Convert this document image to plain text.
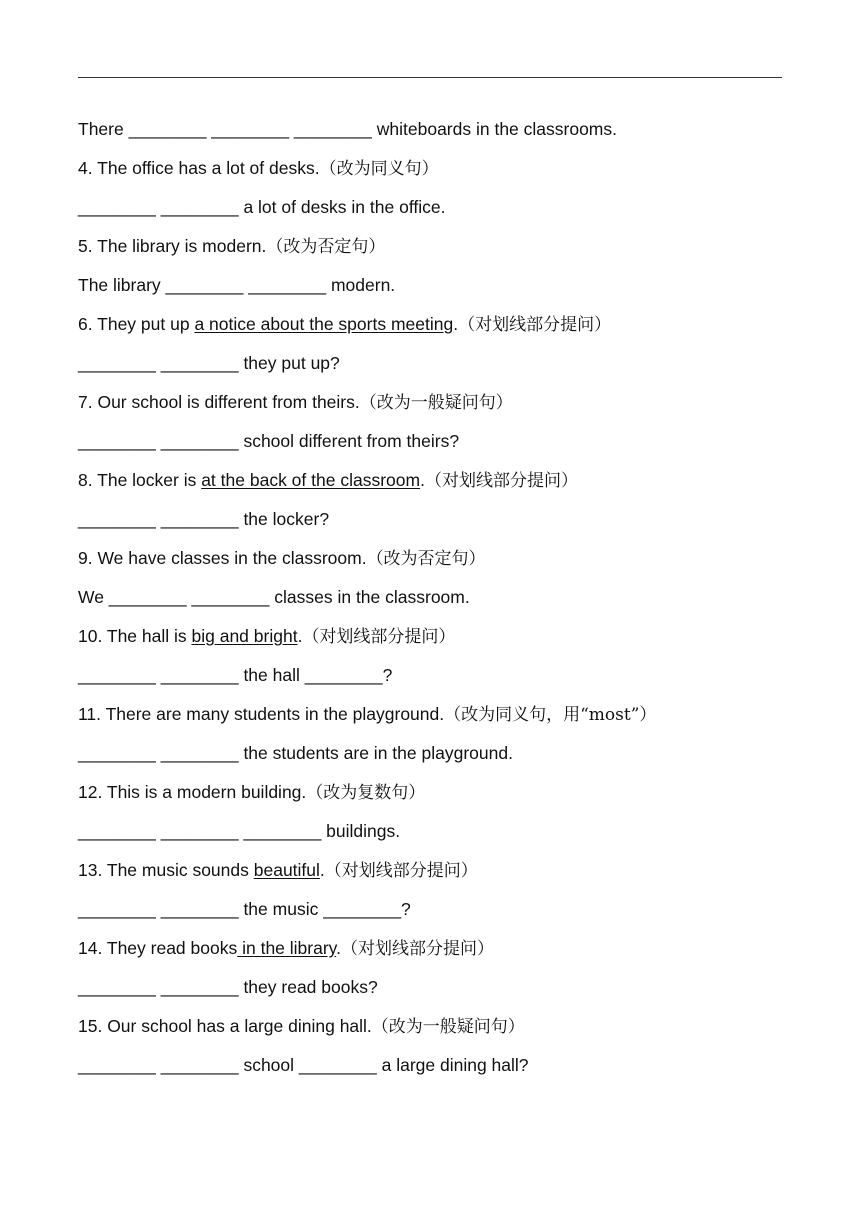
There ________ ________ ________ whiteboards in the classrooms.
4. The office has a lot of desks.（改为同义句）
________ ________ a lot of desks in the office.
5. The library is modern.（改为否定句）
The library ________ ________ modern.
6. They put up a notice about the sports meeting.（对划线部分提问）
________ ________ they put up?
7. Our school is different from theirs.（改为一般疑问句）
________ ________ school different from theirs?
8. The locker is at the back of the classroom.（对划线部分提问）
________ ________ the locker?
9. We have classes in the classroom.（改为否定句）
We ________ ________ classes in the classroom.
10. The hall is big and bright.（对划线部分提问）
________ ________ the hall ________?
11. There are many students in the playground.（改为同义句，用“most”）
________ ________ the students are in the playground.
12. This is a modern building.（改为复数句）
________ ________ ________ buildings.
13. The music sounds beautiful.（对划线部分提问）
________ ________ the music ________?
14. They read books in the library.（对划线部分提问）
________ ________ they read books?
15. Our school has a large dining hall.（改为一般疑问句）
________ ________ school ________ a large dining hall?
